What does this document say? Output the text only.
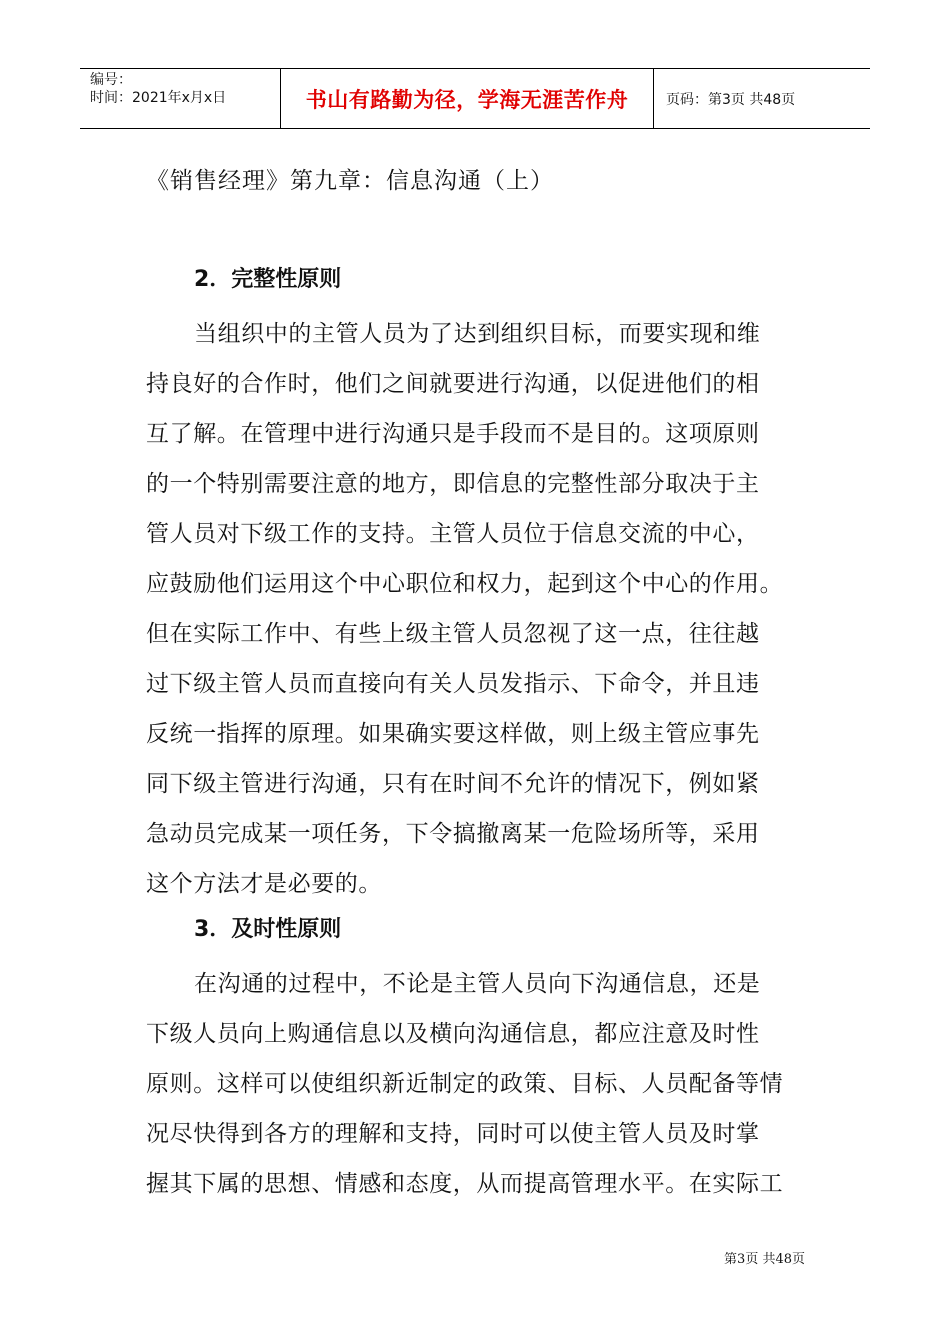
编号：
时间：2021年x月x日	书山有路勤为径，学海无涯苦作舟	页码：第3页 共48页
《销售经理》第九章：信息沟通（上）
2．完整性原则
当组织中的主管人员为了达到组织目标，而要实现和维
持良好的合作时，他们之间就要进行沟通，以促进他们的相
互了解。在管理中进行沟通只是手段而不是目的。这项原则
的一个特别需要注意的地方，即信息的完整性部分取决于主
管人员对下级工作的支持。主管人员位于信息交流的中心，
应鼓励他们运用这个中心职位和权力，起到这个中心的作用。
但在实际工作中、有些上级主管人员忽视了这一点，往往越
过下级主管人员而直接向有关人员发指示、下命令，并且违
反统一指挥的原理。如果确实要这样做，则上级主管应事先
同下级主管进行沟通，只有在时间不允许的情况下，例如紧
急动员完成某一项任务，下令搞撤离某一危险场所等，采用
这个方法才是必要的。
3．及时性原则
在沟通的过程中，不论是主管人员向下沟通信息，还是
下级人员向上购通信息以及横向沟通信息，都应注意及时性
原则。这样可以使组织新近制定的政策、目标、人员配备等情
况尽快得到各方的理解和支持，同时可以使主管人员及时掌
握其下属的思想、情感和态度，从而提高管理水平。在实际工
第3页 共48页
